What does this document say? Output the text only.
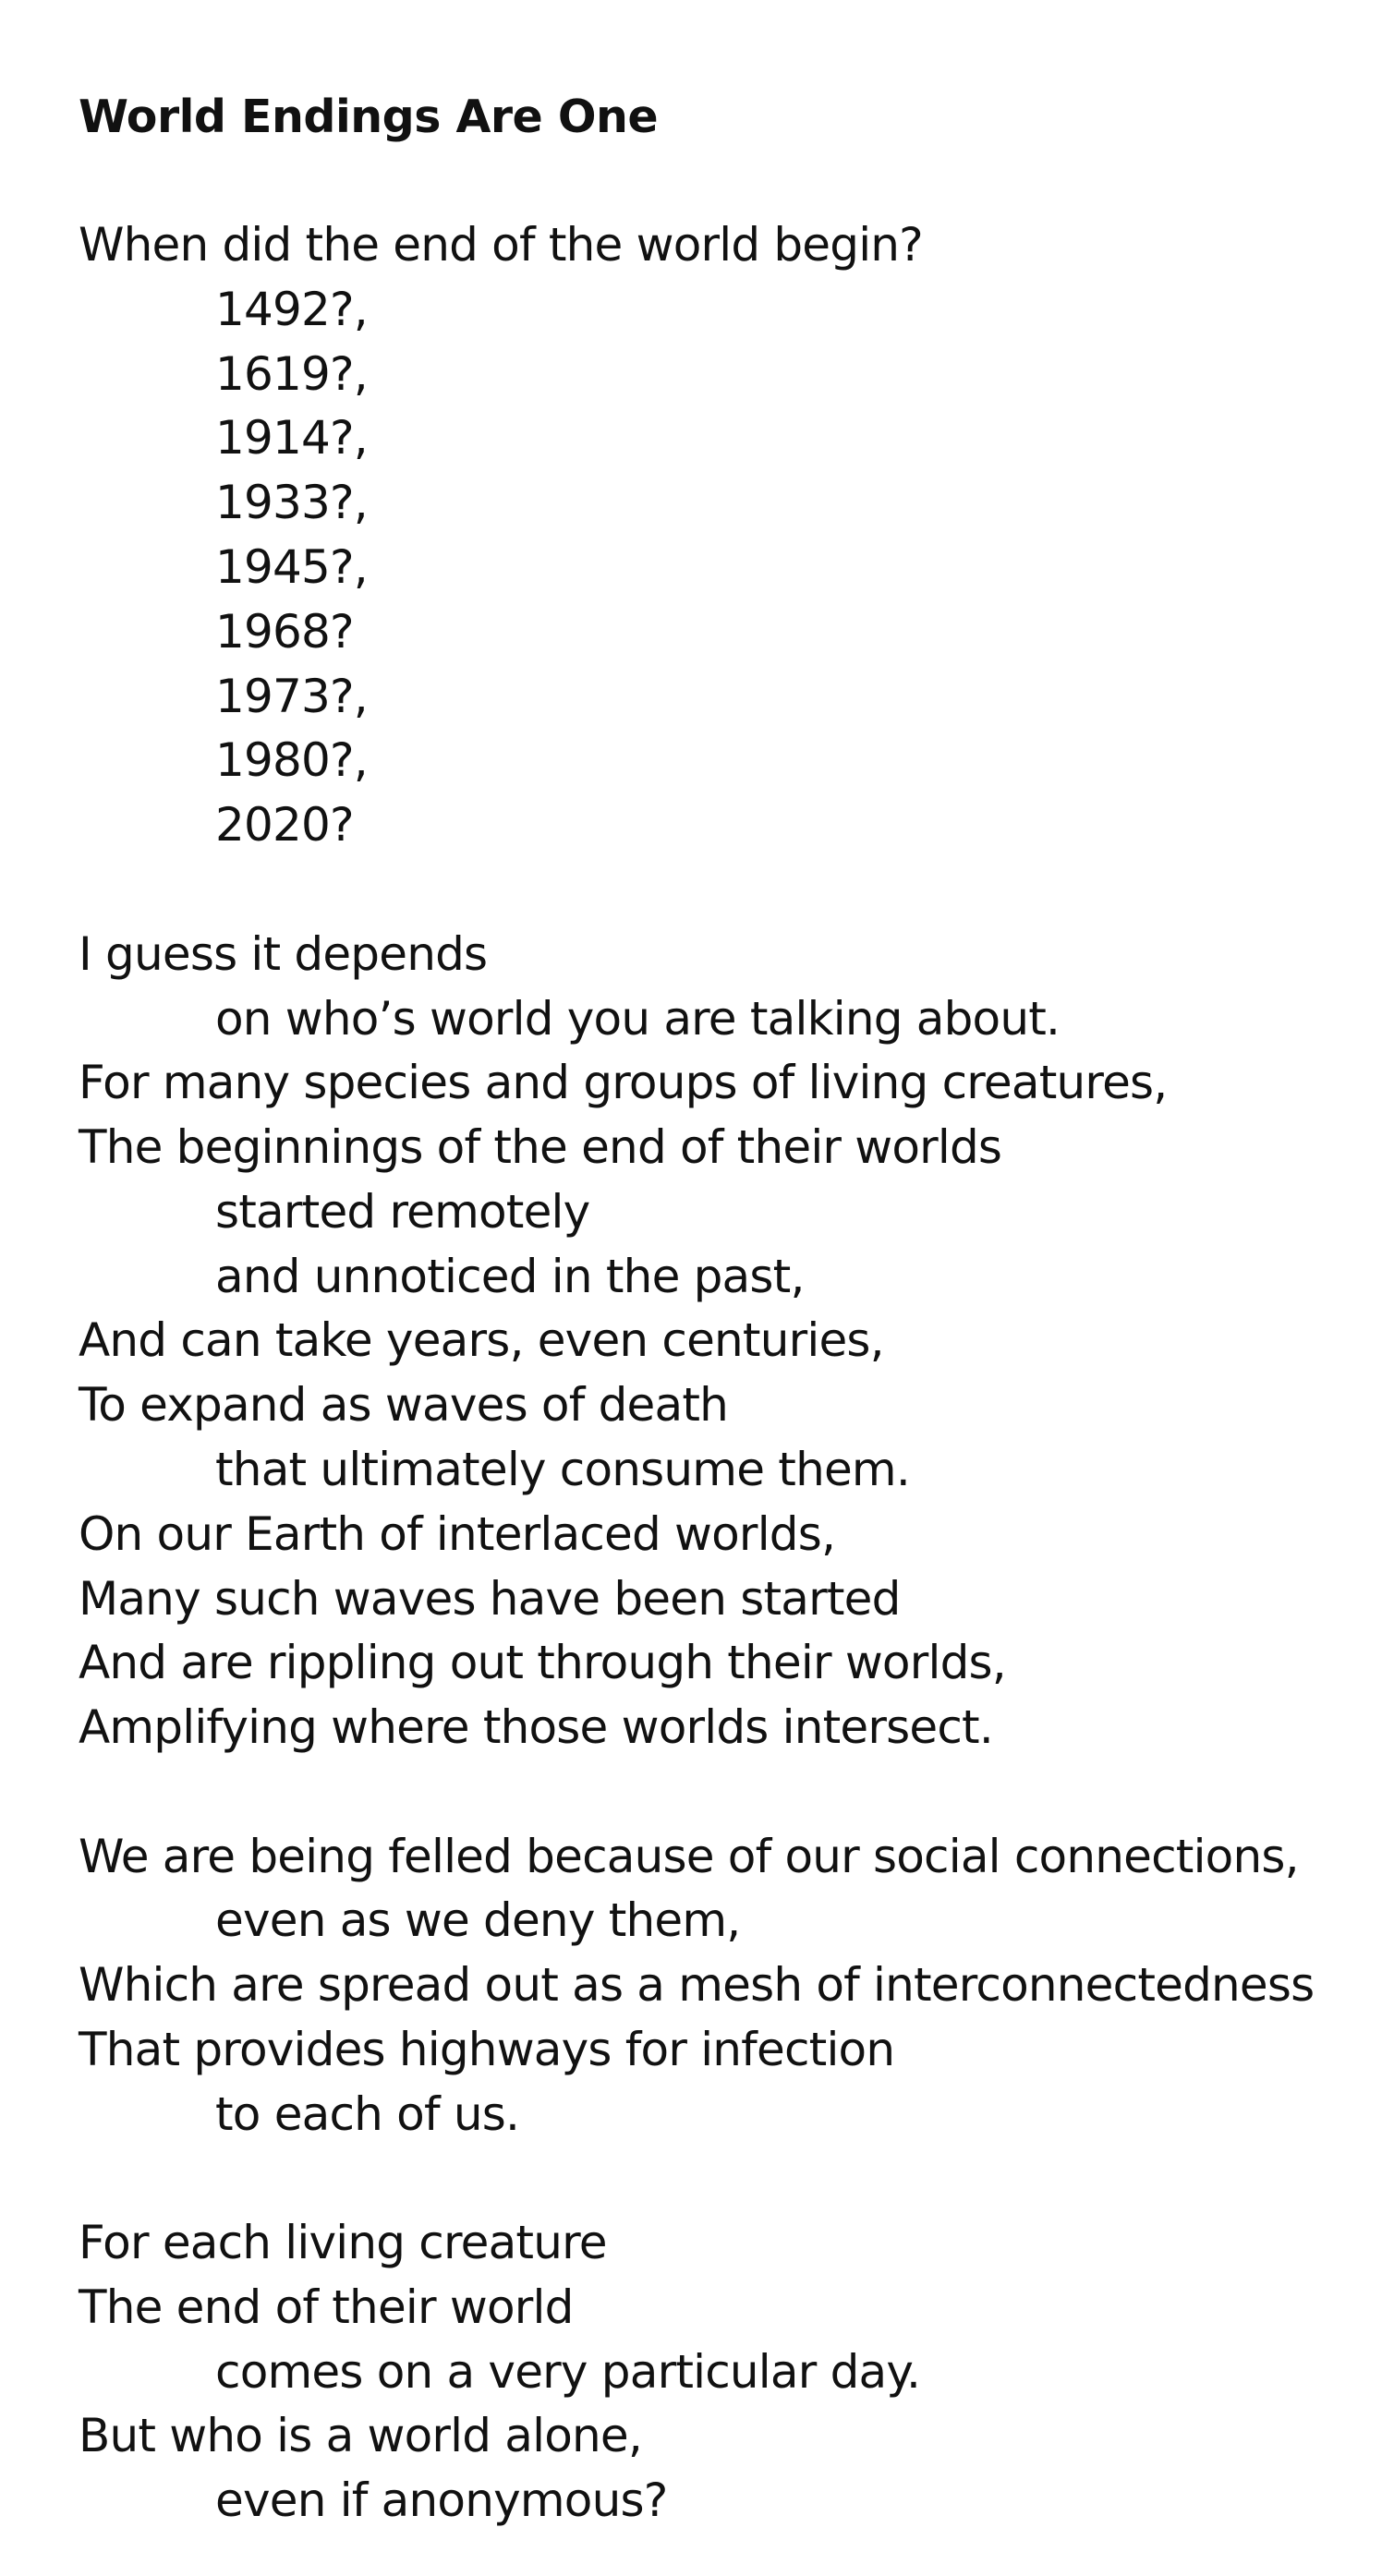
World Endings Are One

When did the end of the world begin?

1492?,

1619?,

1914?,

1933?,

1945?,

1968?

1973?,

1980?,

2020?

I guess it depends

on who’s world you are talking about.

For many species and groups of living creatures,

The beginnings of the end of their worlds

started remotely

and unnoticed in the past,

And can take years, even centuries,

To expand as waves of death

that ultimately consume them.

On our Earth of interlaced worlds,

Many such waves have been started

And are rippling out through their worlds,

Amplifying where those worlds intersect.

We are being felled because of our social connections,

even as we deny them,

Which are spread out as a mesh of interconnectedness

That provides highways for infection

to each of us.

For each living creature

The end of their world

comes on a very particular day.

But who is a world alone,

even if anonymous?
